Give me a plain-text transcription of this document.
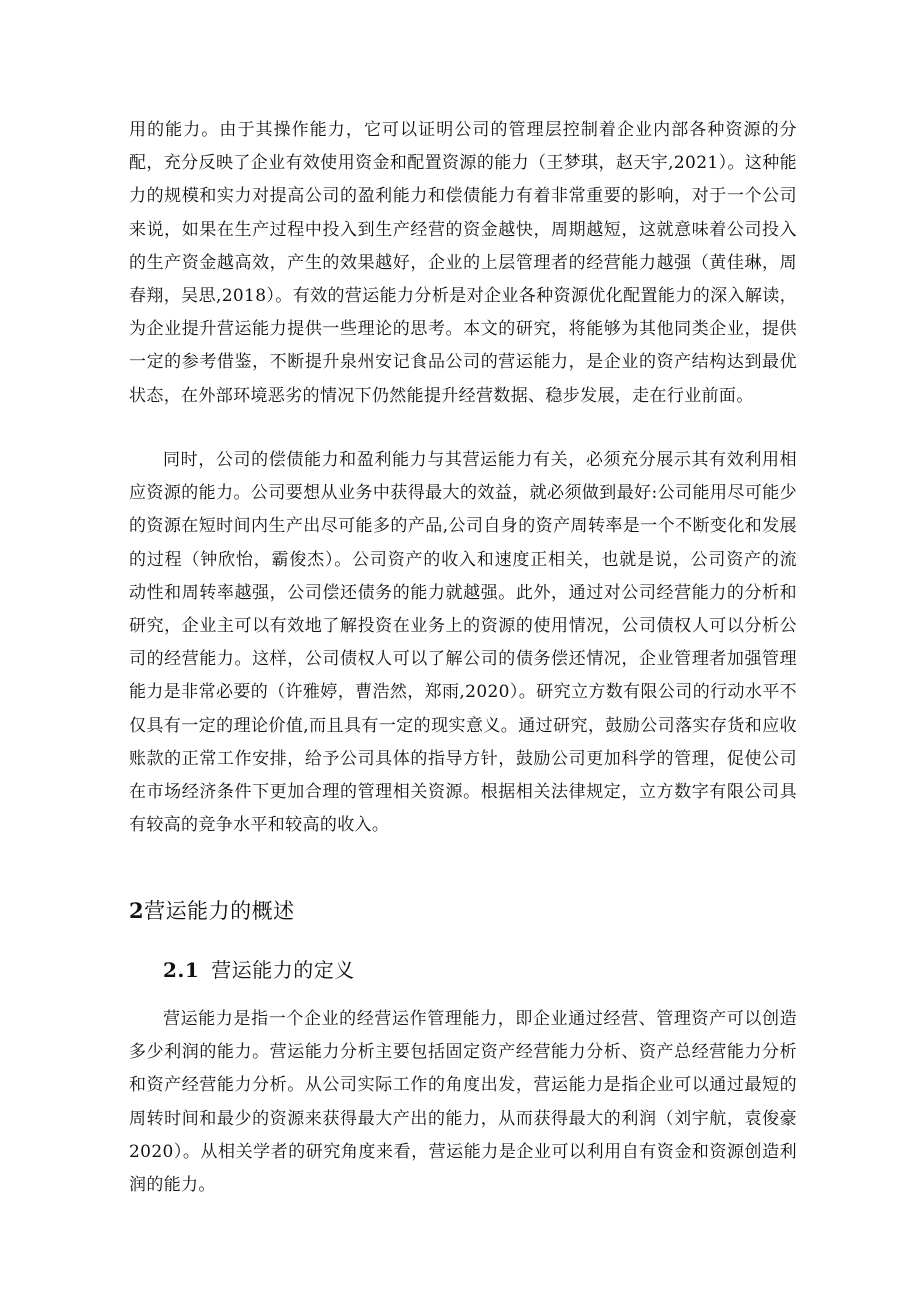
用的能力。由于其操作能力，它可以证明公司的管理层控制着企业内部各种资源的分配，充分反映了企业有效使用资金和配置资源的能力（王梦琪，赵天宇,2021）。这种能力的规模和实力对提高公司的盈利能力和偿债能力有着非常重要的影响，对于一个公司来说，如果在生产过程中投入到生产经营的资金越快，周期越短，这就意味着公司投入的生产资金越高效，产生的效果越好，企业的上层管理者的经营能力越强（黄佳琳，周春翔，吴思,2018）。有效的营运能力分析是对企业各种资源优化配置能力的深入解读，为企业提升营运能力提供一些理论的思考。本文的研究，将能够为其他同类企业，提供一定的参考借鉴，不断提升泉州安记食品公司的营运能力，是企业的资产结构达到最优状态，在外部环境恶劣的情况下仍然能提升经营数据、稳步发展，走在行业前面。

同时，公司的偿债能力和盈利能力与其营运能力有关，必须充分展示其有效利用相应资源的能力。公司要想从业务中获得最大的效益，就必须做到最好:公司能用尽可能少的资源在短时间内生产出尽可能多的产品,公司自身的资产周转率是一个不断变化和发展的过程（钟欣怡，霸俊杰）。公司资产的收入和速度正相关，也就是说，公司资产的流动性和周转率越强，公司偿还债务的能力就越强。此外，通过对公司经营能力的分析和研究，企业主可以有效地了解投资在业务上的资源的使用情况，公司债权人可以分析公司的经营能力。这样，公司债权人可以了解公司的债务偿还情况，企业管理者加强管理能力是非常必要的（许雅婷，曹浩然，郑雨,2020）。研究立方数有限公司的行动水平不仅具有一定的理论价值,而且具有一定的现实意义。通过研究，鼓励公司落实存货和应收账款的正常工作安排，给予公司具体的指导方针，鼓励公司更加科学的管理，促使公司在市场经济条件下更加合理的管理相关资源。根据相关法律规定，立方数字有限公司具有较高的竞争水平和较高的收入。

2营运能力的概述
2.1 营运能力的定义

营运能力是指一个企业的经营运作管理能力，即企业通过经营、管理资产可以创造多少利润的能力。营运能力分析主要包括固定资产经营能力分析、资产总经营能力分析和资产经营能力分析。从公司实际工作的角度出发，营运能力是指企业可以通过最短的周转时间和最少的资源来获得最大产出的能力，从而获得最大的利润（刘宇航，袁俊豪 2020）。从相关学者的研究角度来看，营运能力是企业可以利用自有资金和资源创造利润的能力。
